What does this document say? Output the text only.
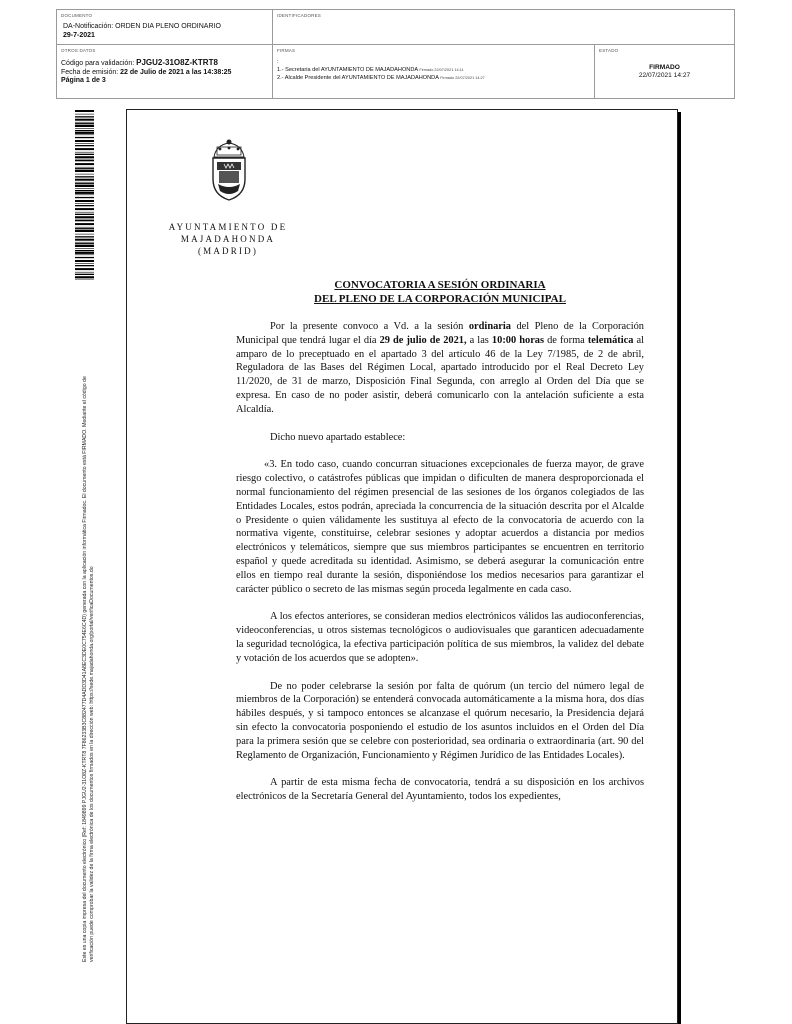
DOCUMENTO
DA-Notificación: ORDEN DIA PLENO ORDINARIO
29-7-2021
IDENTIFICADORES
OTROS DATOS
Código para validación: PJGU2-31O8Z-KTRT8
Fecha de emisión: 22 de Julio de 2021 a las 14:38:25
Página 1 de 3
FIRMAS
:
1.- Secretaria del AYUNTAMIENTO DE MAJADAHONDA Firmado 22/07/2021 14:11
2.- Alcalde Presidente del AYUNTAMIENTO DE MAJADAHONDA Firmado 22/07/2021 14:27
ESTADO
FIRMADO
22/07/2021 14:27
Este es una copia impresa del documento electrónico (Ref: 1849899 PJGU2-31O8Z-KTRT8 7F86233B3C882477D4ADD3D41A8EC3DE0C754E6C4D) generada con la aplicación informática Firmadoc. El documento está FIRMADO. Mediante el código de
verificación puede comprobar la validez de la firma electrónica de los documentos firmados en la dirección web: https://sede.majadahonda.org/portal/verificaDocumentos.do
AYUNTAMIENTO DE
MAJADAHONDA
(MADRID)
CONVOCATORIA A SESIÓN ORDINARIA
DEL PLENO DE LA CORPORACIÓN MUNICIPAL

Por la presente convoco a Vd. a la sesión ordinaria del Pleno de la Corporación Municipal que tendrá lugar el día 29 de julio de 2021, a las 10:00 horas de forma telemática al amparo de lo preceptuado en el apartado 3 del artículo 46 de la Ley 7/1985, de 2 de abril, Reguladora de las Bases del Régimen Local, apartado introducido por el Real Decreto Ley 11/2020, de 31 de marzo, Disposición Final Segunda, con arreglo al Orden del Día que se expresa. En caso de no poder asistir, deberá comunicarlo con la antelación suficiente a esta Alcaldía.

Dicho nuevo apartado establece:

«3. En todo caso, cuando concurran situaciones excepcionales de fuerza mayor, de grave riesgo colectivo, o catástrofes públicas que impidan o dificulten de manera desproporcionada el normal funcionamiento del régimen presencial de las sesiones de los órganos colegiados de las Entidades Locales, estos podrán, apreciada la concurrencia de la situación descrita por el Alcalde o Presidente o quien válidamente les sustituya al efecto de la convocatoria de acuerdo con la normativa vigente, constituirse, celebrar sesiones y adoptar acuerdos a distancia por medios electrónicos y telemáticos, siempre que sus miembros participantes se encuentren en territorio español y quede acreditada su identidad. Asimismo, se deberá asegurar la comunicación entre ellos en tiempo real durante la sesión, disponiéndose los medios necesarios para garantizar el carácter público o secreto de las mismas según proceda legalmente en cada caso.

A los efectos anteriores, se consideran medios electrónicos válidos las audioconferencias, videoconferencias, u otros sistemas tecnológicos o audiovisuales que garanticen adecuadamente la seguridad tecnológica, la efectiva participación política de sus miembros, la validez del debate y votación de los acuerdos que se adopten».

De no poder celebrarse la sesión por falta de quórum (un tercio del número legal de miembros de la Corporación) se entenderá convocada automáticamente a la misma hora, dos días hábiles después, y si tampoco entonces se alcanzase el quórum necesario, la Presidencia dejará sin efecto la convocatoria posponiendo el estudio de los asuntos incluidos en el Orden del Día para la primera sesión que se celebre con posterioridad, sea ordinaria o extraordinaria (art. 90 del Reglamento de Organización, Funcionamiento y Régimen Jurídico de las Entidades Locales).

A partir de esta misma fecha de convocatoria, tendrá a su disposición en los archivos electrónicos de la Secretaría General del Ayuntamiento, todos los expedientes,
